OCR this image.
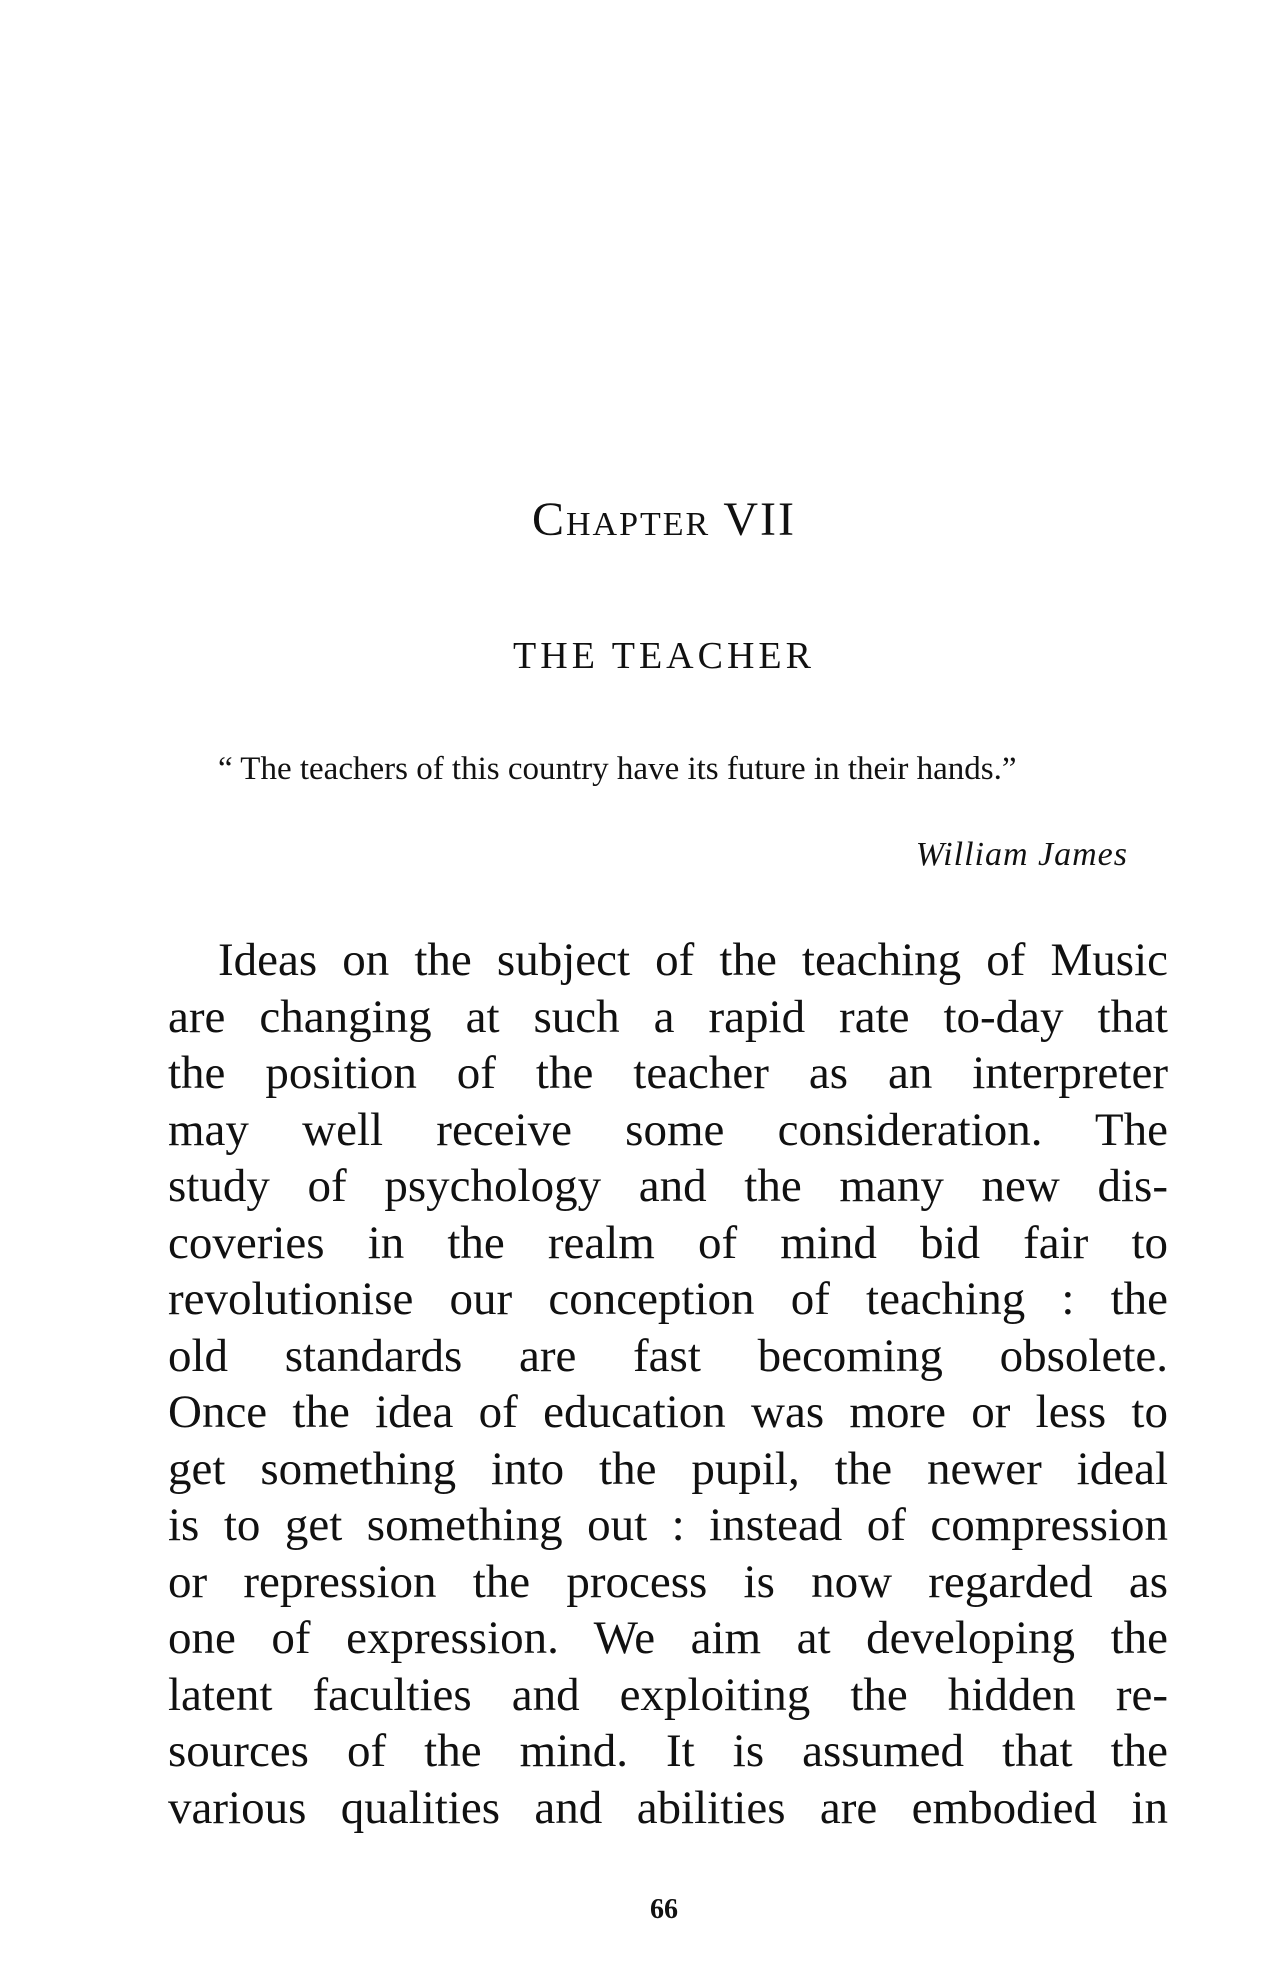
Chapter VII
THE TEACHER
“ The teachers of this country have its future in their hands.”
William James
Ideas on the subject of the teaching of Music
are changing at such a rapid rate to-day that
the position of the teacher as an interpreter
may well receive some consideration. The
study of psychology and the many new dis-
coveries in the realm of mind bid fair to
revolutionise our conception of teaching : the
old standards are fast becoming obsolete.
Once the idea of education was more or less to
get something into the pupil, the newer ideal
is to get something out : instead of compression
or repression the process is now regarded as
one of expression. We aim at developing the
latent faculties and exploiting the hidden re-
sources of the mind. It is assumed that the
various qualities and abilities are embodied in
66
